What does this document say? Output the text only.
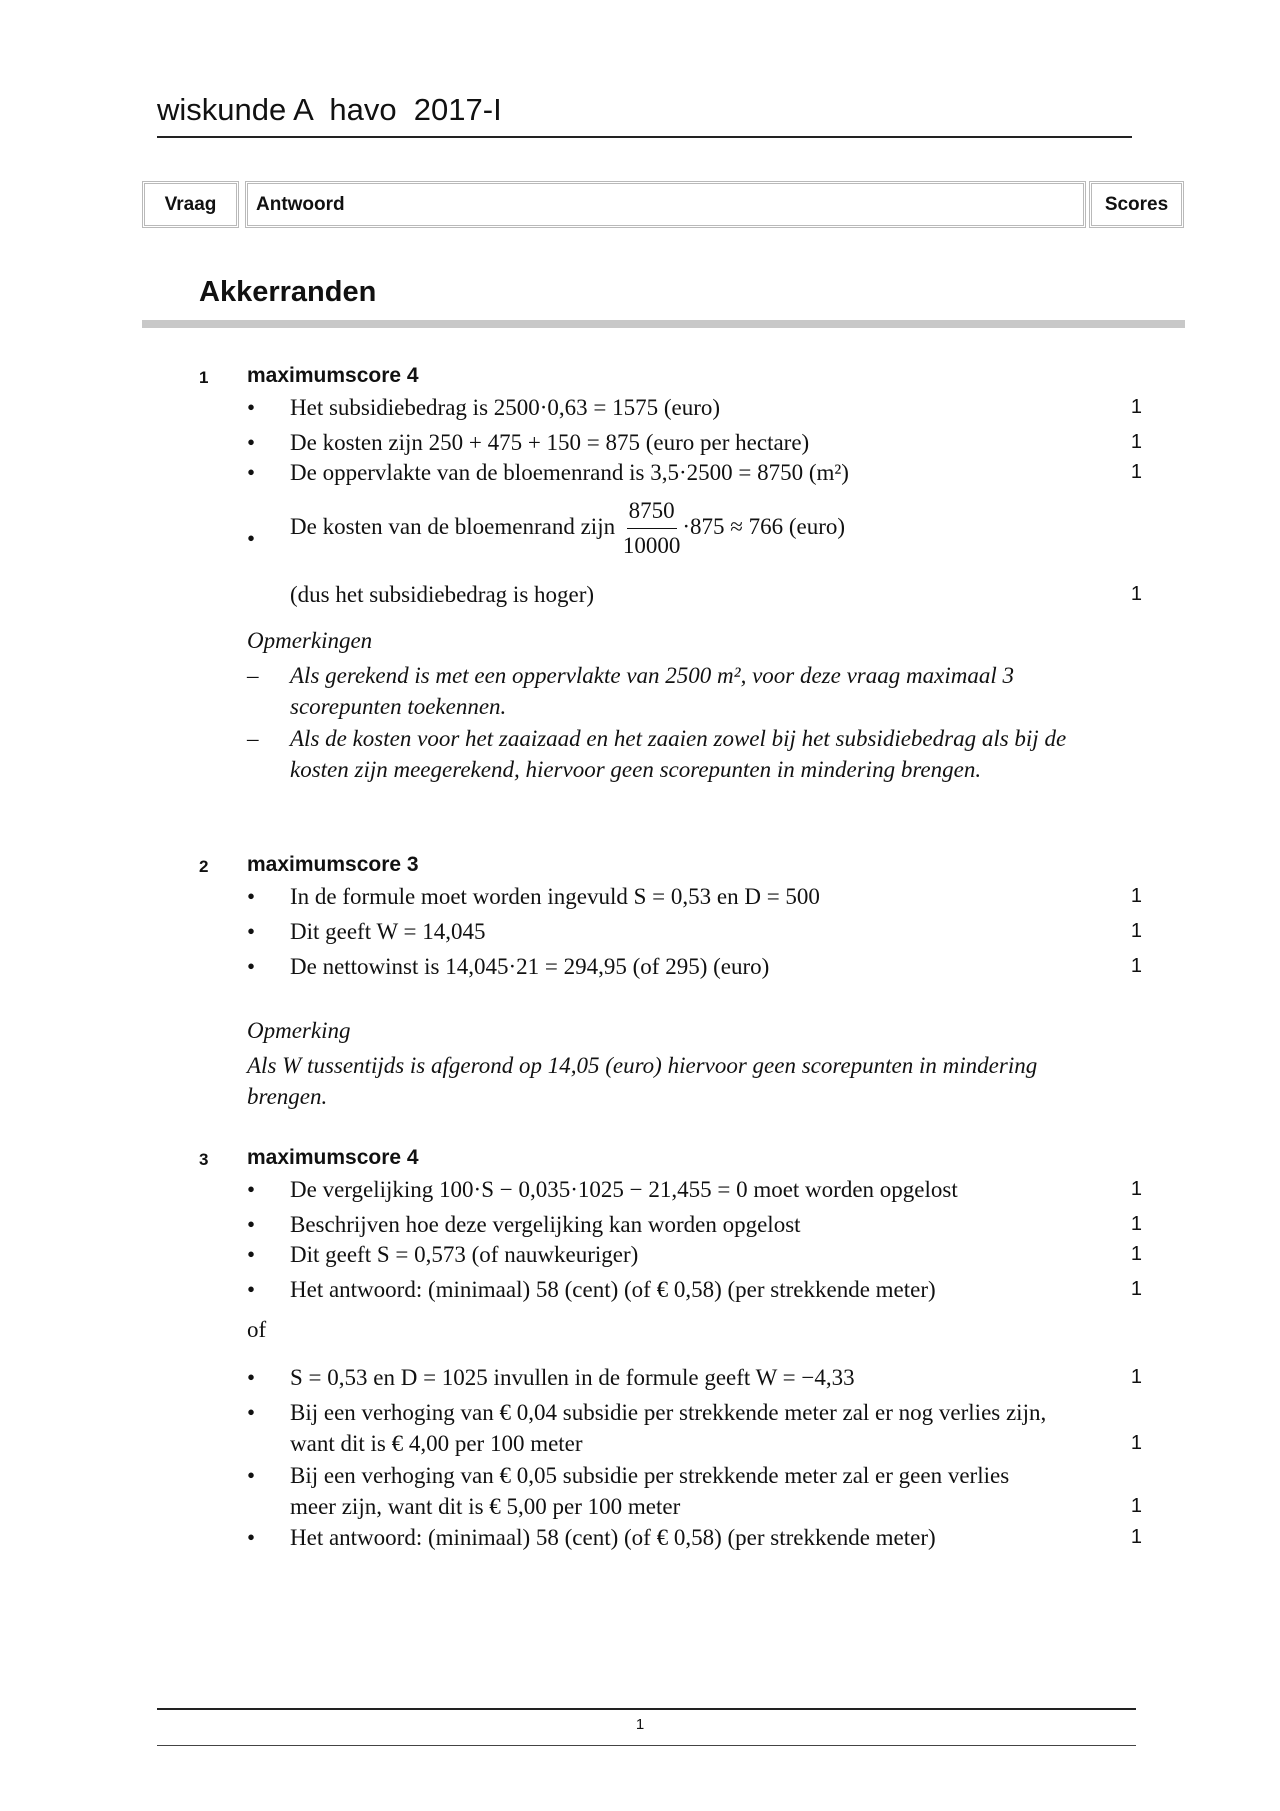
wiskunde A  havo  2017-I
Vraag	Antwoord	Scores
Akkerranden
1 maximumscore 4
• Het subsidiebedrag is 2500·0,63 = 1575 (euro)	1
• De kosten zijn 250 + 475 + 150 = 875 (euro per hectare)	1
• De oppervlakte van de bloemenrand is 3,5·2500 = 8750 (m²)	1
• De kosten van de bloemenrand zijn $\frac{8750}{10000} \cdot 875 \approx 766$ (euro)
(dus het subsidiebedrag is hoger)	1
Opmerkingen
– Als gerekend is met een oppervlakte van 2500 m², voor deze vraag maximaal 3 scorepunten toekennen.
– Als de kosten voor het zaaizaad en het zaaien zowel bij het subsidiebedrag als bij de kosten zijn meegerekend, hiervoor geen scorepunten in mindering brengen.
2 maximumscore 3
• In de formule moet worden ingevuld S = 0,53 en D = 500	1
• Dit geeft W = 14,045	1
• De nettowinst is 14,045·21 = 294,95 (of 295) (euro)	1
Opmerking
Als W tussentijds is afgerond op 14,05 (euro) hiervoor geen scorepunten in mindering brengen.
3 maximumscore 4
• De vergelijking 100·S − 0,035·1025 − 21,455 = 0 moet worden opgelost	1
• Beschrijven hoe deze vergelijking kan worden opgelost	1
• Dit geeft S = 0,573 (of nauwkeuriger)	1
• Het antwoord: (minimaal) 58 (cent) (of € 0,58) (per strekkende meter)	1
of
• S = 0,53 en D = 1025 invullen in de formule geeft W = −4,33	1
• Bij een verhoging van € 0,04 subsidie per strekkende meter zal er nog verlies zijn, want dit is € 4,00 per 100 meter	1
• Bij een verhoging van € 0,05 subsidie per strekkende meter zal er geen verlies meer zijn, want dit is € 5,00 per 100 meter	1
• Het antwoord: (minimaal) 58 (cent) (of € 0,58) (per strekkende meter)	1
1
